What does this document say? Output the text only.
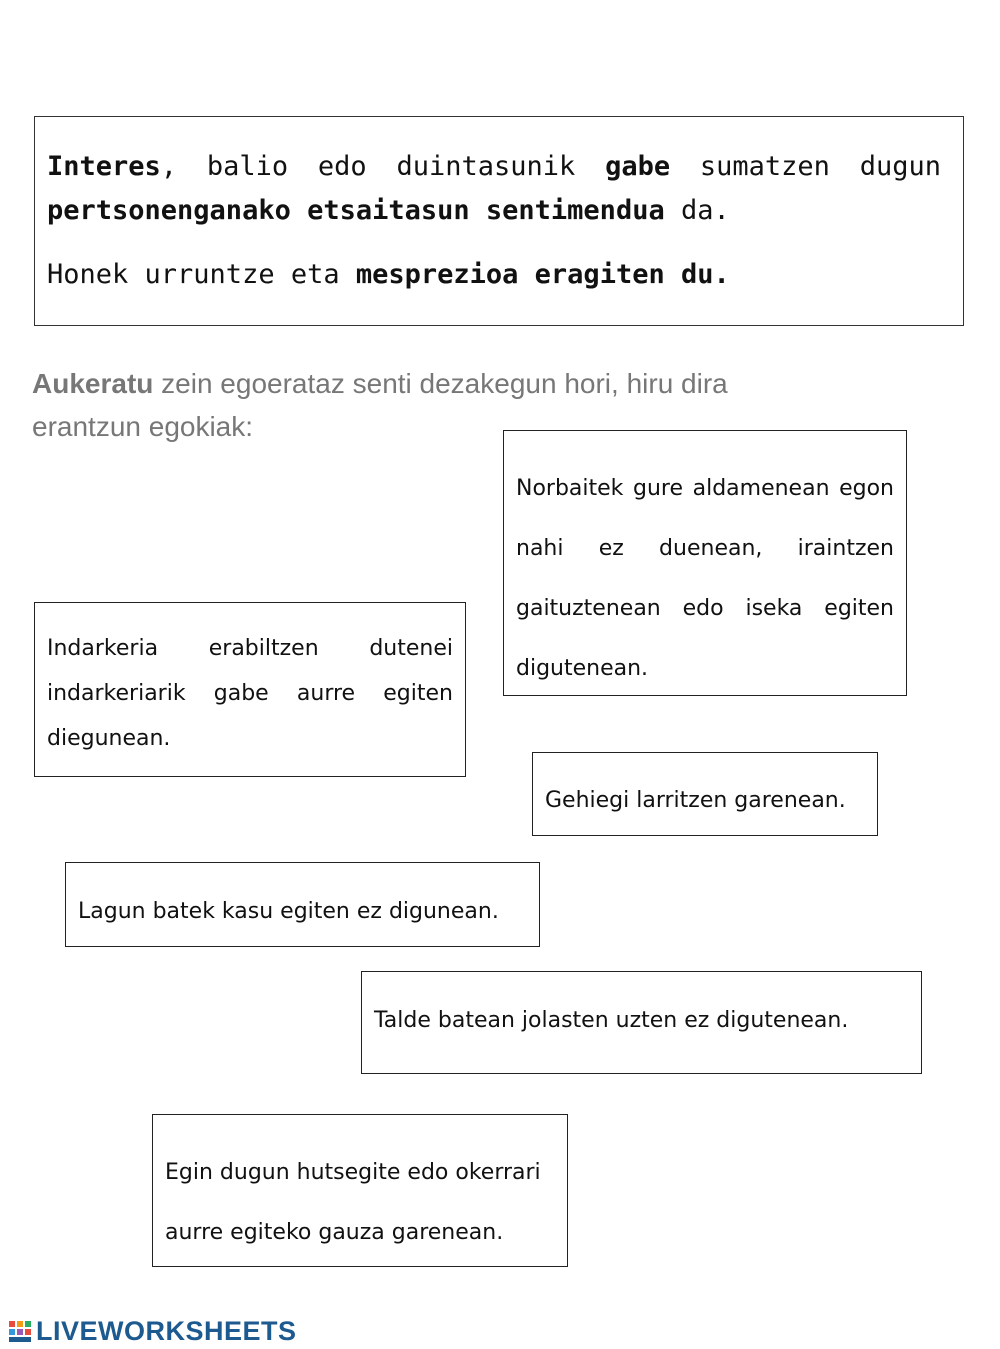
Interes, balio edo duintasunik gabe sumatzen dugun pertsonenganako etsaitasun sentimendua da.

Honek urruntze eta mesprezioa eragiten du.

Aukeratu zein egoerataz senti dezakegun hori, hiru dira erantzun egokiak:
Norbaitek gure aldamenean egon nahi ez duenean, iraintzen gaituztenean edo iseka egiten digutenean.
Indarkeria erabiltzen dutenei indarkeriarik gabe aurre egiten diegunean.
Gehiegi larritzen garenean.
Lagun batek kasu egiten ez digunean.
Talde batean jolasten uzten ez digutenean.
Egin dugun hutsegite edo okerrari aurre egiteko gauza garenean.
LIVEWORKSHEETS
